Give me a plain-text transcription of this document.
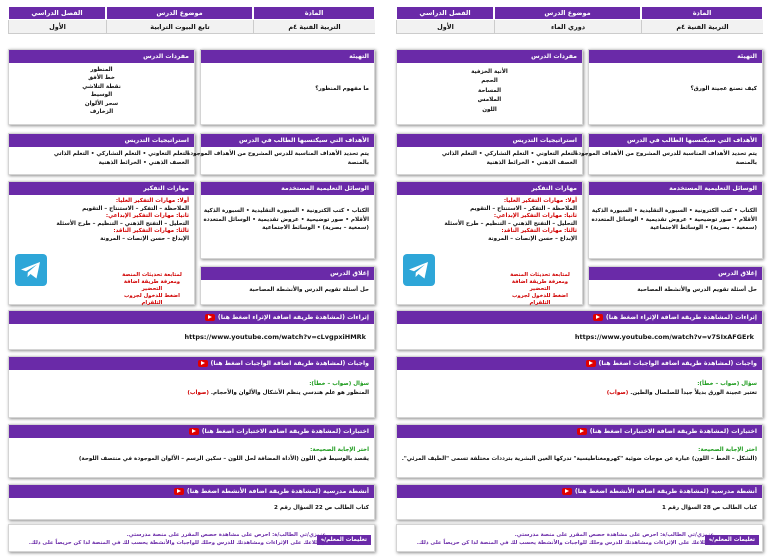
المادة
موضوع الدرس
الفصل الدراسي
التربية الفنية ٤م
تابع البيوت الترابية
الأول
مفردات الدرس
المنظور
خط الأفق
نقطة التلاشي
الوسيط
سحر الألوان
الزخارف
التهيئة
ما مفهوم المنظور؟
استراتيجيات التدريس
التعلم التعاوني • التعلم التشاركي • التعلم الذاتي
العصف الذهني • الخرائط الذهنية
الأهداف التي سيكتسبها الطالب في الدرس
يتم تحديد الأهداف المناسبة للدرس المشروح من الأهداف الموجودة
بالمنصة
مهارات التفكير
أولا: مهارات التفكير العليا:
الملاحظة – التفكر – الاستنتاج – التقويم
ثانيا: مهارات التفكير الإبداعي:
التحليل – التفتح الذهني – التنظيم – طرح الأسئلة
ثالثا: مهارات التفكير الناقد:
الإبداع – حسن الإنصات – المرونة
لمتابعة تحديثات المنصة
ومعرفة طريقة اضافة التحضير
اضغط للدخول لجروب التلقرام
الوسائل التعليمية المستخدمة
الكتاب • كتب الكترونية • السبورة التقليدية • السبورة الذكية
الأقلام • صور توضيحية • عروض تقديمية • الوسائل المتعددة
(سمعية – بصرية) • الوسائط الاجتماعية
إغلاق الدرس
حل أسئلة تقويم الدرس والأنشطة المصاحبة
إثراءات (لمشاهدة طريقة اضافة الإثراء اضغط هنا)
https://www.youtube.com/watch?v=cLvgpxiHMRk
واجبات (لمشاهدة طريقة اضافة الواجبات اضغط هنا)
سؤال (صواب – خطأ):
المنظور هو علم هندسي ينظم الأشكال والألوان والأحجام. (صواب)
اختبارات (لمشاهدة طريقة اضافة الاختبارات اضغط هنا)
اختر الإجابة الصحيحة:
يقصد بالوسيط في اللون (الأداة المضافة لحل اللون – سكين الرسم – الألوان الموجودة في منتصف اللوحة)
أنشطة مدرسية (لمشاهدة طريقة اضافة الأنشطة اضغط هنا)
كتاب الطالب ص 22 السؤال رقم 2
تعليمات المعلم/ة
عزيزي/تي الطالب/ة: احرص على مشاهدة حصص المقرر على منصة مدرستي.
واطلاعك على الإثراءات ومشاهدتك للدرس وحلك للواجبات والأنشطة يحسب لك في المنصة لذا كن حريصاً على ذلك.
المادة
موضوع الدرس
الفصل الدراسي
التربية الفنية ٤م
دوري الماء
الأول
مفردات الدرس
الأنية الخزفية
الحجم
المساحة
الملامس
اللون
التهيئة
كيف نصنع عجينة الورق؟
استراتيجيات التدريس
التعلم التعاوني • التعلم التشاركي • التعلم الذاتي
العصف الذهني • الخرائط الذهنية
الأهداف التي سيكتسبها الطالب في الدرس
يتم تحديد الأهداف المناسبة للدرس المشروح من الأهداف الموجودة
بالمنصة
مهارات التفكير
أولا: مهارات التفكير العليا:
الملاحظة – التفكر – الاستنتاج – التقويم
ثانيا: مهارات التفكير الإبداعي:
التحليل – التفتح الذهني – التنظيم – طرح الأسئلة
ثالثا: مهارات التفكير الناقد:
الإبداع – حسن الإنصات – المرونة
لمتابعة تحديثات المنصة
ومعرفة طريقة اضافة التحضير
اضغط للدخول لجروب التلقرام
الوسائل التعليمية المستخدمة
الكتاب • كتب الكترونية • السبورة التقليدية • السبورة الذكية
الأقلام • صور توضيحية • عروض تقديمية • الوسائل المتعددة
(سمعية – بصرية) • الوسائط الاجتماعية
إغلاق الدرس
حل أسئلة تقويم الدرس والأنشطة المصاحبة
إثراءات (لمشاهدة طريقة اضافة الإثراء اضغط هنا)
https://www.youtube.com/watch?v=v7SIxAFGErk
واجبات (لمشاهدة طريقة اضافة الواجبات اضغط هنا)
سؤال (صواب – خطأ):
تعتبر عجينة الورق بديلاً جيداً للصلصال والطين. (صواب)
اختبارات (لمشاهدة طريقة اضافة الاختبارات اضغط هنا)
اختر الإجابة الصحيحة:
(الشكل – الخط – اللون) عبارة عن موجات ضوئية "كهرومغناطيسية" تدركها العين البشرية بترددات مختلفة تسمى "الطيف المرئي".
أنشطة مدرسية (لمشاهدة طريقة اضافة الأنشطة اضغط هنا)
كتاب الطالب ص 28 السؤال رقم 1
تعليمات المعلم/ة
عزيزي/تي الطالب/ة: احرص على مشاهدة حصص المقرر على منصة مدرستي.
واطلاعك على الإثراءات ومشاهدتك للدرس وحلك للواجبات والأنشطة يحسب لك في المنصة لذا كن حريصاً على ذلك.
